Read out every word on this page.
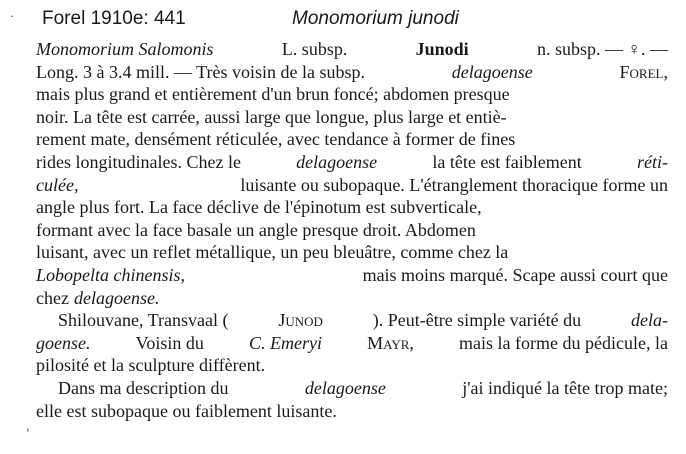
Forel 1910e: 441	Monomorium junodi
·
,
Monomorium Salomonis	L. subsp.	Junodi	n. subsp. — ♀. —
Long. 3 à 3.4 mill. — Très voisin de la subsp.	delagoense	Forel,
mais plus grand et entièrement d'un brun foncé; abdomen presque
noir. La tête est carrée, aussi large que longue, plus large et entiè-
rement mate, densément réticulée, avec tendance à former de fines
rides longitudinales. Chez le	delagoense	la tête est faiblement	réti-
culée,	luisante ou subopaque. L'étranglement thoracique forme un
angle plus fort. La face déclive de l'épinotum est subverticale,
formant avec la face basale un angle presque droit. Abdomen
luisant, avec un reflet métallique, un peu bleuâtre, comme chez la
Lobopelta chinensis,	mais moins marqué. Scape aussi court que
chez delagoense.
Shilouvane, Transvaal (	Junod	). Peut-être simple variété du	dela-
goense.	Voisin du	C. Emeryi	Mayr,	mais la forme du pédicule, la
pilosité et la sculpture diffèrent.
Dans ma description du	delagoense	j'ai indiqué la tête trop mate;
elle est subopaque ou faiblement luisante.
